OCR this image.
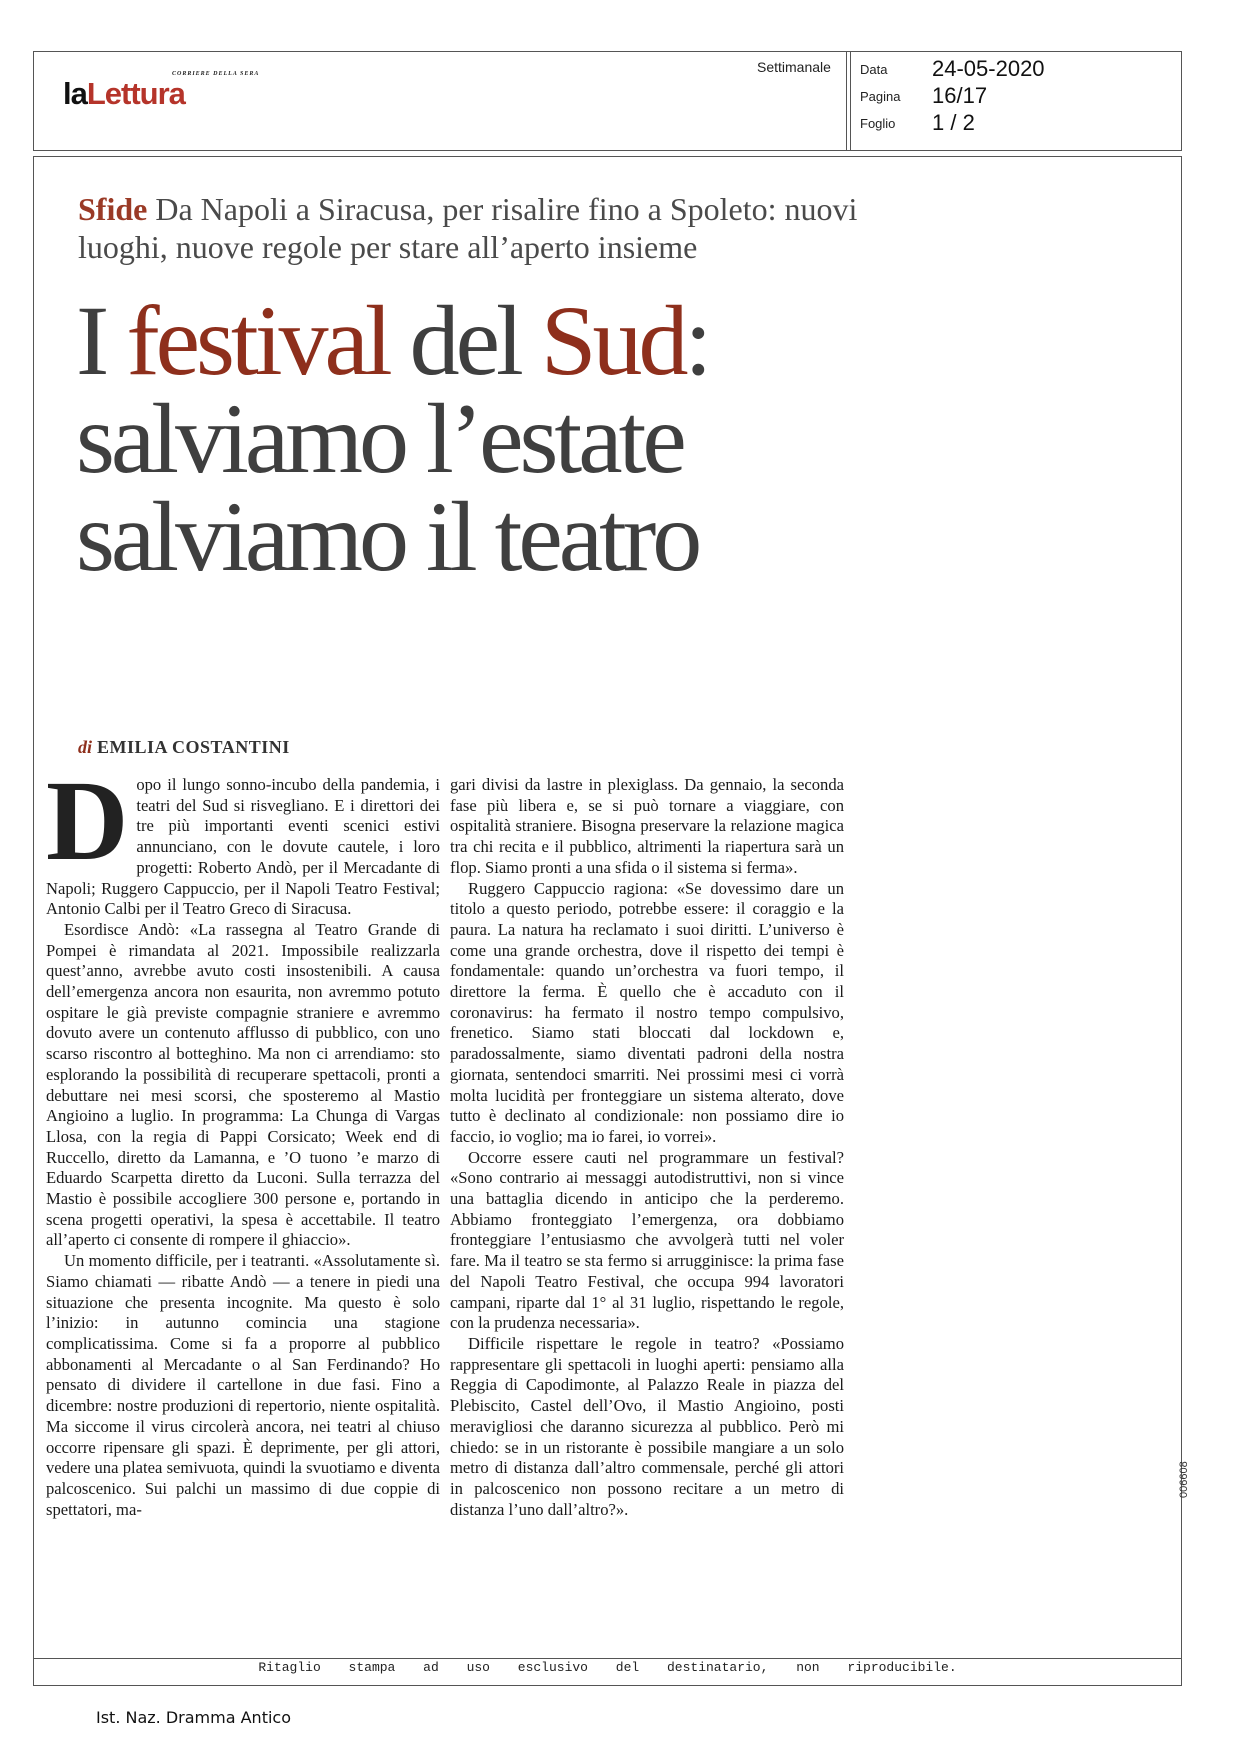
CORRIERE DELLA SERA
laLettura
Settimanale Data 24-05-2020
Pagina 16/17
Foglio 1 / 2
Sfide Da Napoli a Siracusa, per risalire fino a Spoleto: nuovi luoghi, nuove regole per stare all’aperto insieme
I festival del Sud:
salviamo l’estate
salviamo il teatro
di EMILIA COSTANTINI

Dopo il lungo sonno-incubo della pandemia, i teatri del Sud si risvegliano. E i direttori dei tre più importanti eventi scenici estivi annunciano, con le dovute cautele, i loro progetti: Roberto Andò, per il Mercadante di Napoli; Ruggero Cappuccio, per il Napoli Teatro Festival; Antonio Calbi per il Teatro Greco di Siracusa.

Esordisce Andò: «La rassegna al Teatro Grande di Pompei è rimandata al 2021. Impossibile realizzarla quest’anno, avrebbe avuto costi insostenibili. A causa dell’emergenza ancora non esaurita, non avremmo potuto ospitare le già previste compagnie straniere e avremmo dovuto avere un contenuto afflusso di pubblico, con uno scarso riscontro al botteghino. Ma non ci arrendiamo: sto esplorando la possibilità di recuperare spettacoli, pronti a debuttare nei mesi scorsi, che sposteremo al Mastio Angioino a luglio. In programma: La Chunga di Vargas Llosa, con la regia di Pappi Corsicato; Week end di Ruccello, diretto da Lamanna, e ’O tuono ’e marzo di Eduardo Scarpetta diretto da Luconi. Sulla terrazza del Mastio è possibile accogliere 300 persone e, portando in scena progetti operativi, la spesa è accettabile. Il teatro all’aperto ci consente di rompere il ghiaccio».

Un momento difficile, per i teatranti. «Assolutamente sì. Siamo chiamati — ribatte Andò — a tenere in piedi una situazione che presenta incognite. Ma questo è solo l’inizio: in autunno comincia una stagione complicatissima. Come si fa a proporre al pubblico abbonamenti al Mercadante o al San Ferdinando? Ho pensato di dividere il cartellone in due fasi. Fino a dicembre: nostre produzioni di repertorio, niente ospitalità. Ma siccome il virus circolerà ancora, nei teatri al chiuso occorre ripensare gli spazi. È deprimente, per gli attori, vedere una platea semivuota, quindi la svuotiamo e diventa palcoscenico. Sui palchi un massimo di due coppie di spettatori, ma-

gari divisi da lastre in plexiglass. Da gennaio, la seconda fase più libera e, se si può tornare a viaggiare, con ospitalità straniere. Bisogna preservare la relazione magica tra chi recita e il pubblico, altrimenti la riapertura sarà un flop. Siamo pronti a una sfida o il sistema si ferma».

Ruggero Cappuccio ragiona: «Se dovessimo dare un titolo a questo periodo, potrebbe essere: il coraggio e la paura. La natura ha reclamato i suoi diritti. L’universo è come una grande orchestra, dove il rispetto dei tempi è fondamentale: quando un’orchestra va fuori tempo, il direttore la ferma. È quello che è accaduto con il coronavirus: ha fermato il nostro tempo compulsivo, frenetico. Siamo stati bloccati dal lockdown e, paradossalmente, siamo diventati padroni della nostra giornata, sentendoci smarriti. Nei prossimi mesi ci vorrà molta lucidità per fronteggiare un sistema alterato, dove tutto è declinato al condizionale: non possiamo dire io faccio, io voglio; ma io farei, io vorrei».

Occorre essere cauti nel programmare un festival? «Sono contrario ai messaggi autodistruttivi, non si vince una battaglia dicendo in anticipo che la perderemo. Abbiamo fronteggiato l’emergenza, ora dobbiamo fronteggiare l’entusiasmo che avvolgerà tutti nel voler fare. Ma il teatro se sta fermo si arrugginisce: la prima fase del Napoli Teatro Festival, che occupa 994 lavoratori campani, riparte dal 1° al 31 luglio, rispettando le regole, con la prudenza necessaria».

Difficile rispettare le regole in teatro? «Possiamo rappresentare gli spettacoli in luoghi aperti: pensiamo alla Reggia di Capodimonte, al Palazzo Reale in piazza del Plebiscito, Castel dell’Ovo, il Mastio Angioino, posti meravigliosi che daranno sicurezza al pubblico. Però mi chiedo: se in un ristorante è possibile mangiare a un solo metro di distanza dall’altro commensale, perché gli attori in palcoscenico non possono recitare a un metro di distanza l’uno dall’altro?».

Ritaglio stampa ad uso esclusivo del destinatario, non riproducibile.
006608
Ist. Naz. Dramma Antico
